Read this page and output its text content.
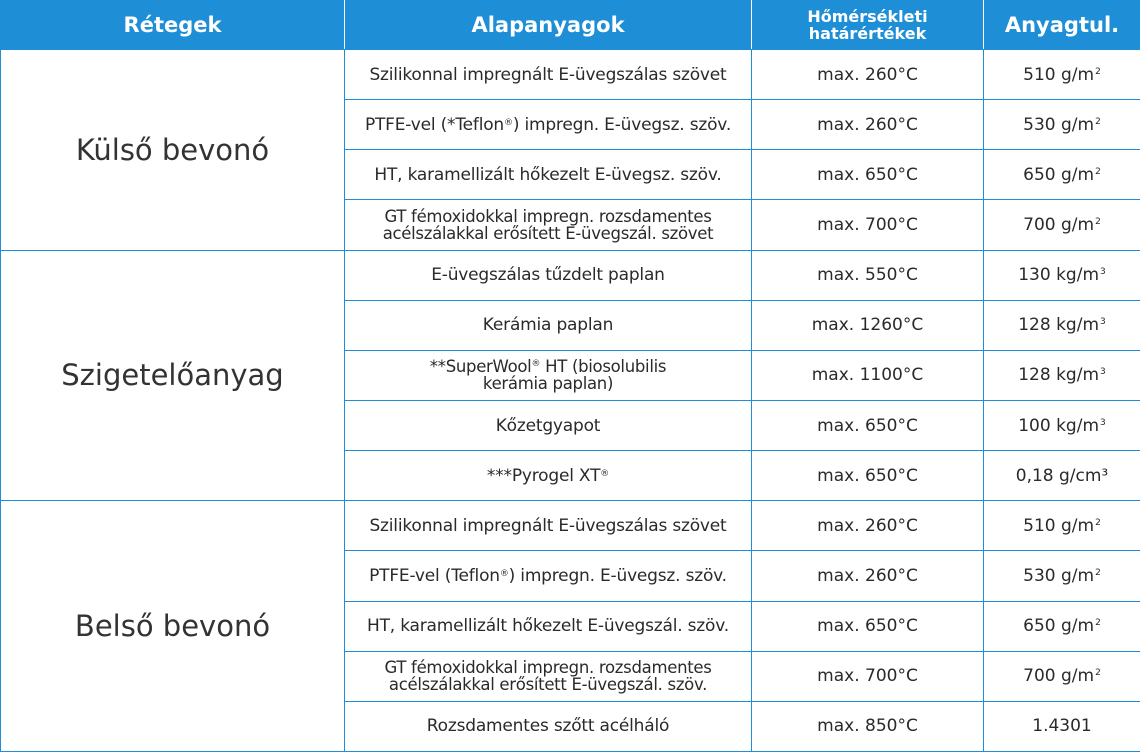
Rétegek	Alapanyagok	Hőmérsékleti
határértékek	Anyagtul.
Külső bevonó	Szilikonnal impregnált E-üvegszálas szövet	max. 260°C	510 $g/m^2$
	PTFE-vel (*Teflon®) impregn. E-üvegsz. szöv.	max. 260°C	530 $g/m^2$
	HT, karamellizált hőkezelt E-üvegsz. szöv.	max. 650°C	650 $g/m^2$

	GT fémoxidokkal impregn. rozsdamentes
acélszálakkal erősített E-üvegszál. szövet	max. 700°C	700 $g/m^2$
Szigetelőanyag	E-üvegszálas tűzdelt paplan	max. 550°C	130 $kg/m^3$
	Kerámia paplan	max. 1260°C	128 $kg/m^3$

	**SuperWool® HT (biosolubilis
kerámia paplan)	max. 1100°C	128 $kg/m^3$
	Kőzetgyapot	max. 650°C	100 $kg/m^3$
	***Pyrogel XT®	max. 650°C	0,18 g/cm³
Belső bevonó	Szilikonnal impregnált E-üvegszálas szövet	max. 260°C	510 $g/m^2$
	PTFE-vel (Teflon®) impregn. E-üvegsz. szöv.	max. 260°C	530 $g/m^2$
	HT, karamellizált hőkezelt E-üvegszál. szöv.	max. 650°C	650 $g/m^2$

	GT fémoxidokkal impregn. rozsdamentes
acélszálakkal erősített E-üvegszál. szöv.	max. 700°C	700 $g/m^2$
	Rozsdamentes szőtt acélháló	max. 850°C	1.4301
